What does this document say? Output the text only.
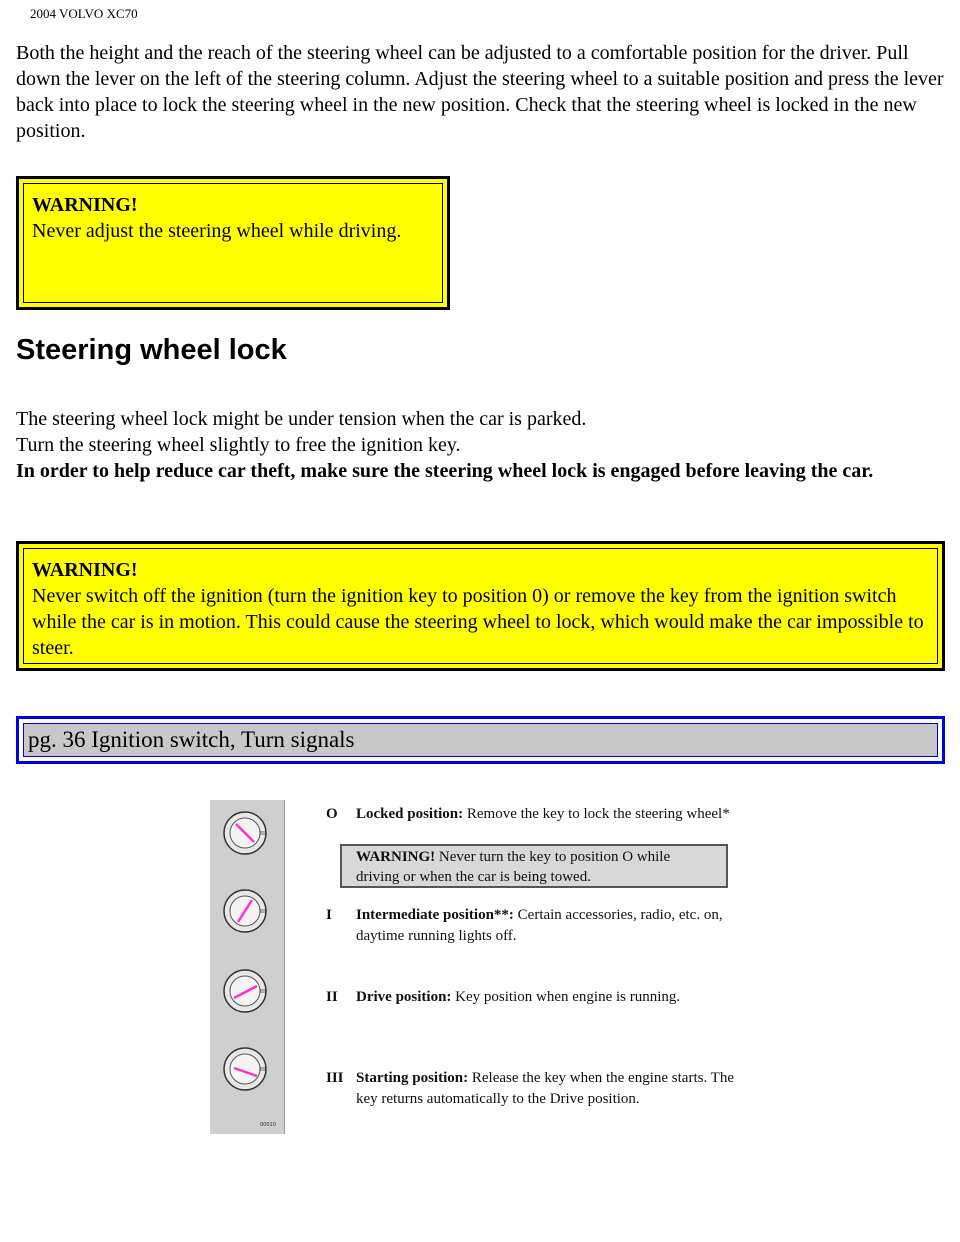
2004 VOLVO XC70

Both the height and the reach of the steering wheel can be adjusted to a comfortable position for the driver. Pull down the lever on the left of the steering column. Adjust the steering wheel to a suitable position and press the lever back into place to lock the steering wheel in the new position. Check that the steering wheel is locked in the new position.

WARNING!
Never adjust the steering wheel while driving.
Steering wheel lock

The steering wheel lock might be under tension when the car is parked.
Turn the steering wheel slightly to free the ignition key.
In order to help reduce car theft, make sure the steering wheel lock is engaged before leaving the car.

WARNING!
Never switch off the ignition (turn the ignition key to position 0) or remove the key from the ignition switch while the car is in motion. This could cause the steering wheel to lock, which would make the car impossible to steer.
pg. 36 Ignition switch, Turn signals
III
III
III
III
00010
O	Locked position: Remove the key to lock the steering wheel*
WARNING! Never turn the key to position O while driving or when the car is being towed.
I	Intermediate position**: Certain accessories, radio, etc. on, daytime running lights off.
II	Drive position: Key position when engine is running.
III Starting position: Release the key when the engine starts. The key returns automatically to the Drive position.
